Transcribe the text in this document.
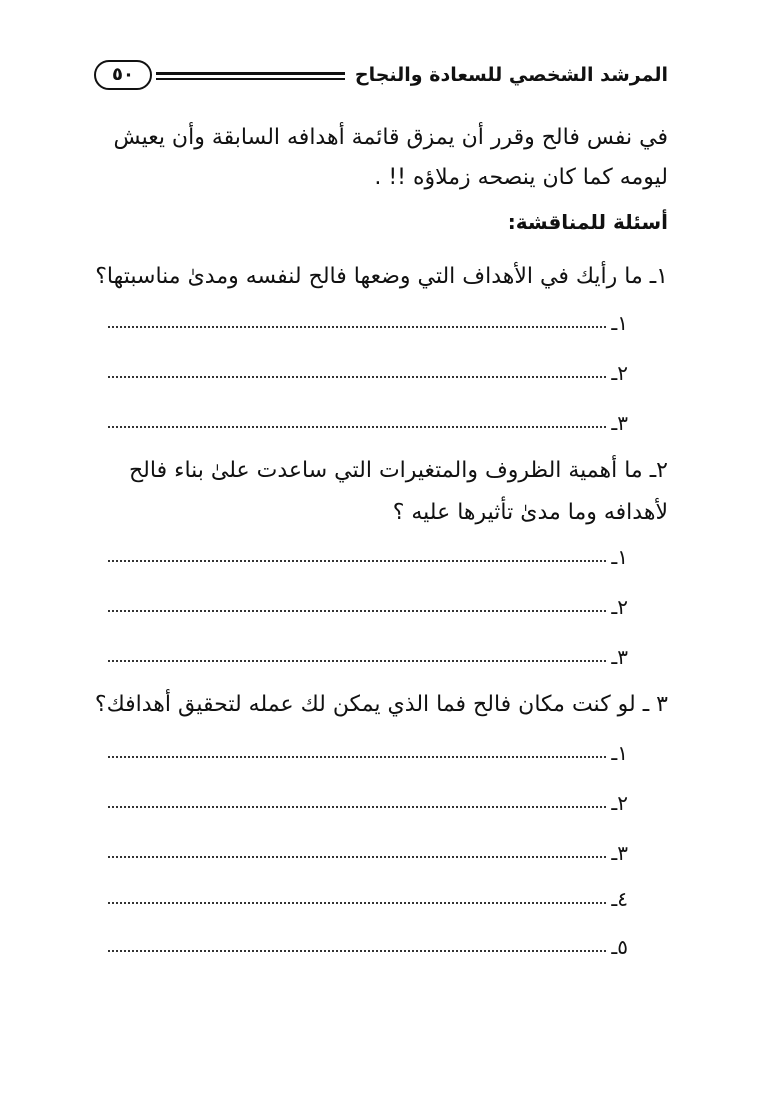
٥٠	المرشد الشخصي للسعادة والنجاح
في نفس فالح وقرر أن يمزق قائمة أهدافه السابقة وأن يعيش ليومه كما كان ينصحه زملاؤه !! .
أسئلة للمناقشة:
١ـ ما رأيك في الأهداف التي وضعها فالح لنفسه ومدىٰ مناسبتها؟
١ـ
٢ـ
٣ـ
٢ـ ما أهمية الظروف والمتغيرات التي ساعدت علىٰ بناء فالح لأهدافه وما مدىٰ تأثيرها عليه ؟
١ـ
٢ـ
٣ـ
٣ ـ لو كنت مكان فالح فما الذي يمكن لك عمله لتحقيق أهدافك؟
١ـ
٢ـ
٣ـ
٤ـ
٥ـ
